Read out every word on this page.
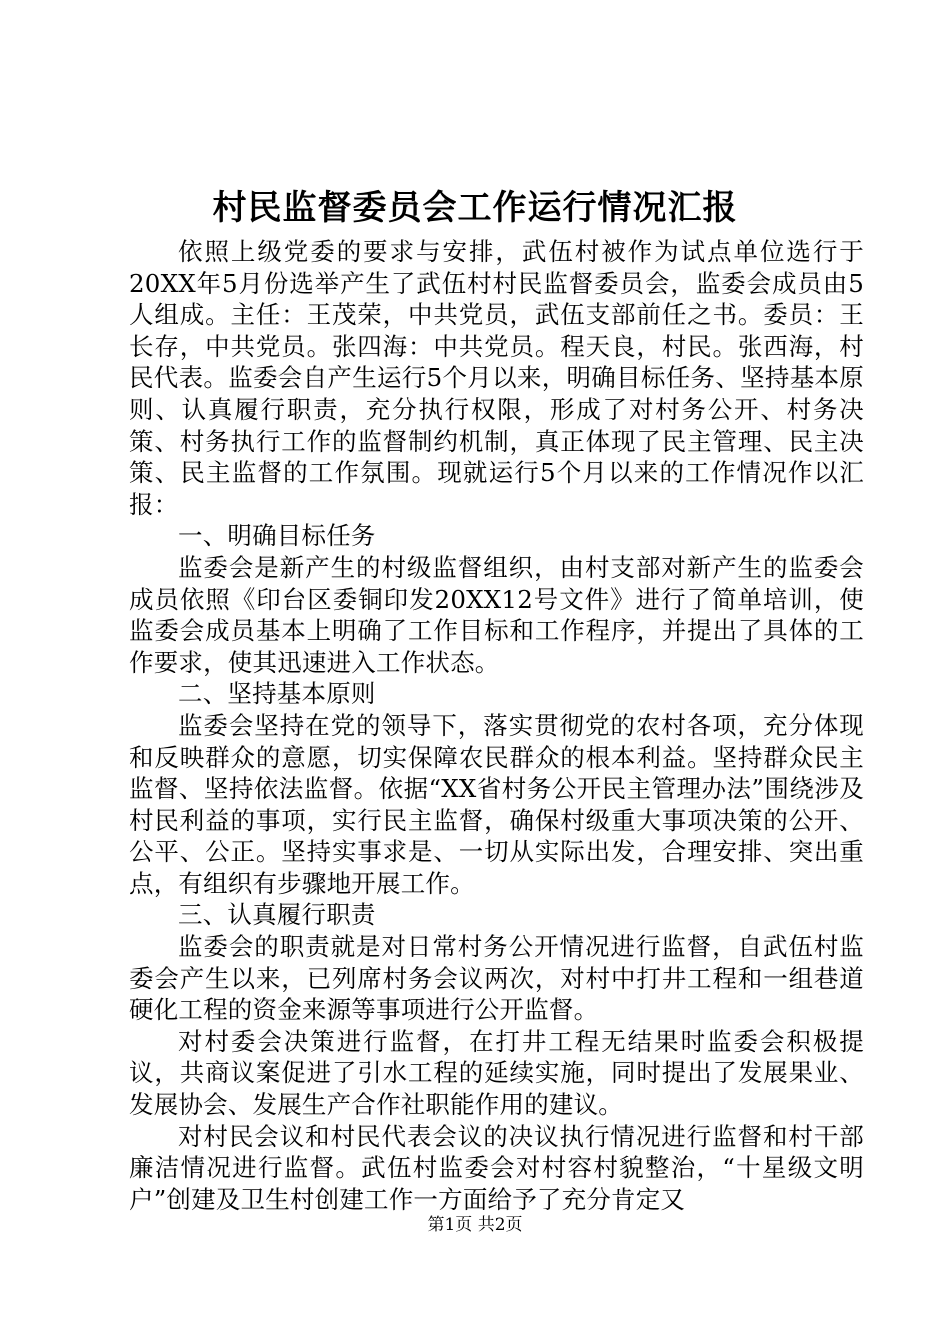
村民监督委员会工作运行情况汇报

依照上级党委的要求与安排，武伍村被作为试点单位选行于20XX年5月份选举产生了武伍村村民监督委员会，监委会成员由5人组成。主任：王茂荣，中共党员，武伍支部前任之书。委员：王长存，中共党员。张四海：中共党员。程天良，村民。张西海，村民代表。监委会自产生运行5个月以来，明确目标任务、坚持基本原则、认真履行职责，充分执行权限，形成了对村务公开、村务决策、村务执行工作的监督制约机制，真正体现了民主管理、民主决策、民主监督的工作氛围。现就运行5个月以来的工作情况作以汇报：

一、明确目标任务

监委会是新产生的村级监督组织，由村支部对新产生的监委会成员依照《印台区委铜印发20XX12号文件》进行了简单培训，使监委会成员基本上明确了工作目标和工作程序，并提出了具体的工作要求，使其迅速进入工作状态。

二、坚持基本原则

监委会坚持在党的领导下，落实贯彻党的农村各项，充分体现和反映群众的意愿，切实保障农民群众的根本利益。坚持群众民主监督、坚持依法监督。依据“XX省村务公开民主管理办法”围绕涉及村民利益的事项，实行民主监督，确保村级重大事项决策的公开、公平、公正。坚持实事求是、一切从实际出发，合理安排、突出重点，有组织有步骤地开展工作。

三、认真履行职责

监委会的职责就是对日常村务公开情况进行监督，自武伍村监委会产生以来，已列席村务会议两次，对村中打井工程和一组巷道硬化工程的资金来源等事项进行公开监督。

对村委会决策进行监督，在打井工程无结果时监委会积极提议，共商议案促进了引水工程的延续实施，同时提出了发展果业、发展协会、发展生产合作社职能作用的建议。

对村民会议和村民代表会议的决议执行情况进行监督和村干部廉洁情况进行监督。武伍村监委会对村容村貌整治，“十星级文明户”创建及卫生村创建工作一方面给予了充分肯定又

第1页 共2页
